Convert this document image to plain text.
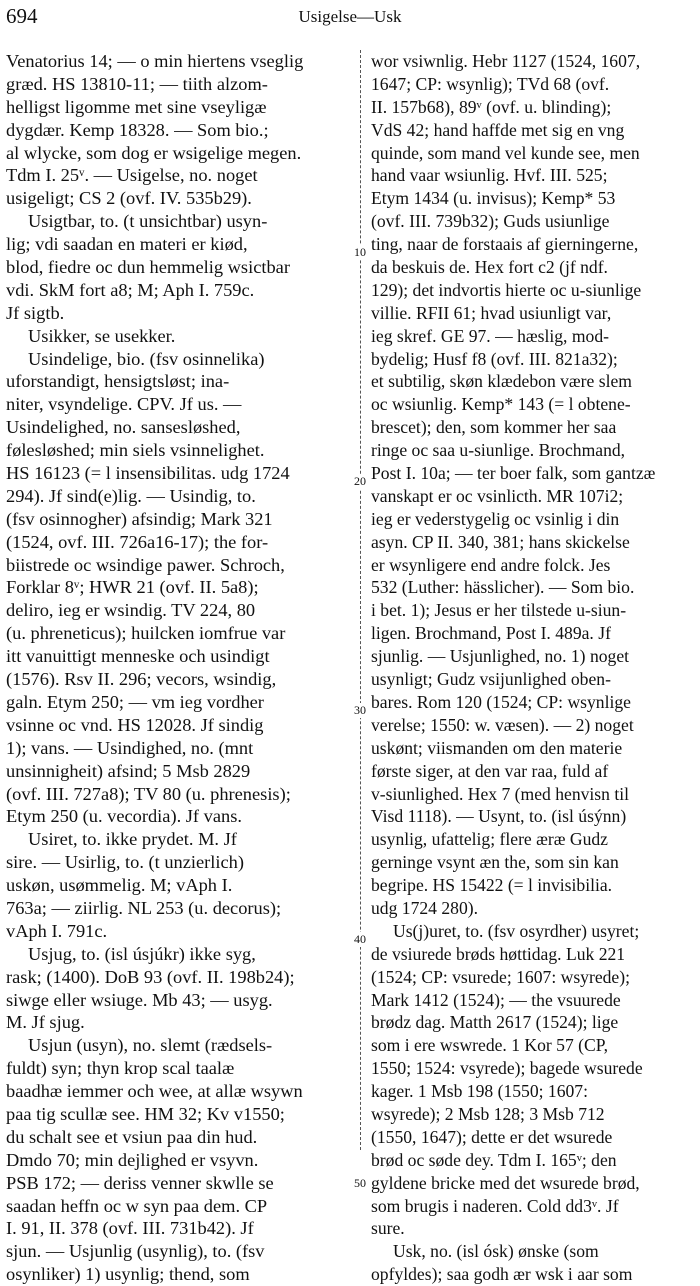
694	Usigelse—Usk
10
20
30
40
50
Venatorius 14; — o min hiertens vseglig
græd. HS 13810-11; — tiith alzom-
helligst ligomme met sine vseyligæ
dygdær. Kemp 18328. — Som bio.;
al wlycke, som dog er wsigelige megen.
Tdm I. 25ᵛ. — Usigelse, no. noget
usigeligt; CS 2 (ovf. IV. 535b29).
Usigtbar, to. (t unsichtbar) usyn-
lig; vdi saadan en materi er kiød,
blod, fiedre oc dun hemmelig wsictbar
vdi. SkM fort a8; M; Aph I. 759c.
Jf sigtb.
Usikker, se usekker.
Usindelige, bio. (fsv osinnelika)
uforstandigt, hensigtsløst; ina-
niter, vsyndelige. CPV. Jf us. —
Usindelighed, no. sansesløshed,
følesløshed; min siels vsinnelighet.
HS 16123 (= l insensibilitas. udg 1724
294). Jf sind(e)lig. — Usindig, to.
(fsv osinnogher) afsindig; Mark 321
(1524, ovf. III. 726a16-17); the for-
biistrede oc wsindige pawer. Schroch,
Forklar 8ᵛ; HWR 21 (ovf. II. 5a8);
deliro, ieg er wsindig. TV 224, 80
(u. phreneticus); huilcken iomfrue var
itt vanuittigt menneske och usindigt
(1576). Rsv II. 296; vecors, wsindig,
galn. Etym 250; — vm ieg vordher
vsinne oc vnd. HS 12028. Jf sindig
1); vans. — Usindighed, no. (mnt
unsinnigheit) afsind; 5 Msb 2829
(ovf. III. 727a8); TV 80 (u. phrenesis);
Etym 250 (u. vecordia). Jf vans.
Usiret, to. ikke prydet. M. Jf
sire. — Usirlig, to. (t unzierlich)
uskøn, usømmelig. M; vAph I.
763a; — ziirlig. NL 253 (u. decorus);
vAph I. 791c.
Usjug, to. (isl úsjúkr) ikke syg,
rask; (1400). DoB 93 (ovf. II. 198b24);
siwge eller wsiuge. Mb 43; — usyg.
M. Jf sjug.
Usjun (usyn), no. slemt (rædsels-
fuldt) syn; thyn krop scal taalæ
baadhæ iemmer och wee, at allæ wsywn
paa tig scullæ see. HM 32; Kv v1550;
du schalt see et vsiun paa din hud.
Dmdo 70; min dejlighed er vsyvn.
PSB 172; — deriss venner skwlle se
saadan heffn oc w syn paa dem. CP
I. 91, II. 378 (ovf. III. 731b42). Jf
sjun. — Usjunlig (usynlig), to. (fsv
osynliker) 1) usynlig; thend, som
wor vsiwnlig. Hebr 1127 (1524, 1607,
1647; CP: wsynlig); TVd 68 (ovf.
II. 157b68), 89ᵛ (ovf. u. blinding);
VdS 42; hand haffde met sig en vng
quinde, som mand vel kunde see, men
hand vaar wsiunlig. Hvf. III. 525;
Etym 1434 (u. invisus); Kemp* 53
(ovf. III. 739b32); Guds usiunlige
ting, naar de forstaais af gierningerne,
da beskuis de. Hex fort c2 (jf ndf.
129); det indvortis hierte oc u-siunlige
villie. RFII 61; hvad usiunligt var,
ieg skref. GE 97. — hæslig, mod-
bydelig; Husf f8 (ovf. III. 821a32);
et subtilig, skøn klædebon være slem
oc wsiunlig. Kemp* 143 (= l obtene-
brescet); den, som kommer her saa
ringe oc saa u-siunlige. Brochmand,
Post I. 10a; — ter boer falk, som gantzæ
vanskapt er oc vsinlicth. MR 107i2;
ieg er vederstygelig oc vsinlig i din
asyn. CP II. 340, 381; hans skickelse
er wsynligere end andre folck. Jes
532 (Luther: hässlicher). — Som bio.
i bet. 1); Jesus er her tilstede u-siun-
ligen. Brochmand, Post I. 489a. Jf
sjunlig. — Usjunlighed, no. 1) noget
usynligt; Gudz vsijunlighed oben-
bares. Rom 120 (1524; CP: wsynlige
verelse; 1550: w. væsen). — 2) noget
uskønt; viismanden om den materie
første siger, at den var raa, fuld af
v-siunlighed. Hex 7 (med henvisn til
Visd 1118). — Usynt, to. (isl úsýnn)
usynlig, ufattelig; flere æræ Gudz
gerninge vsynt æn the, som sin kan
begripe. HS 15422 (= l invisibilia.
udg 1724 280).
Us(j)uret, to. (fsv osyrdher) usyret;
de vsiurede brøds høttidag. Luk 221
(1524; CP: vsurede; 1607: wsyrede);
Mark 1412 (1524); — the vsuurede
brødz dag. Matth 2617 (1524); lige
som i ere wswrede. 1 Kor 57 (CP,
1550; 1524: vsyrede); bagede wsurede
kager. 1 Msb 198 (1550; 1607:
wsyrede); 2 Msb 128; 3 Msb 712
(1550, 1647); dette er det wsurede
brød oc søde dey. Tdm I. 165ᵛ; den
gyldene bricke med det wsurede brød,
som brugis i naderen. Cold dd3ᵛ. Jf
sure.
Usk, no. (isl ósk) ønske (som
opfyldes); saa godh ær wsk i aar som
